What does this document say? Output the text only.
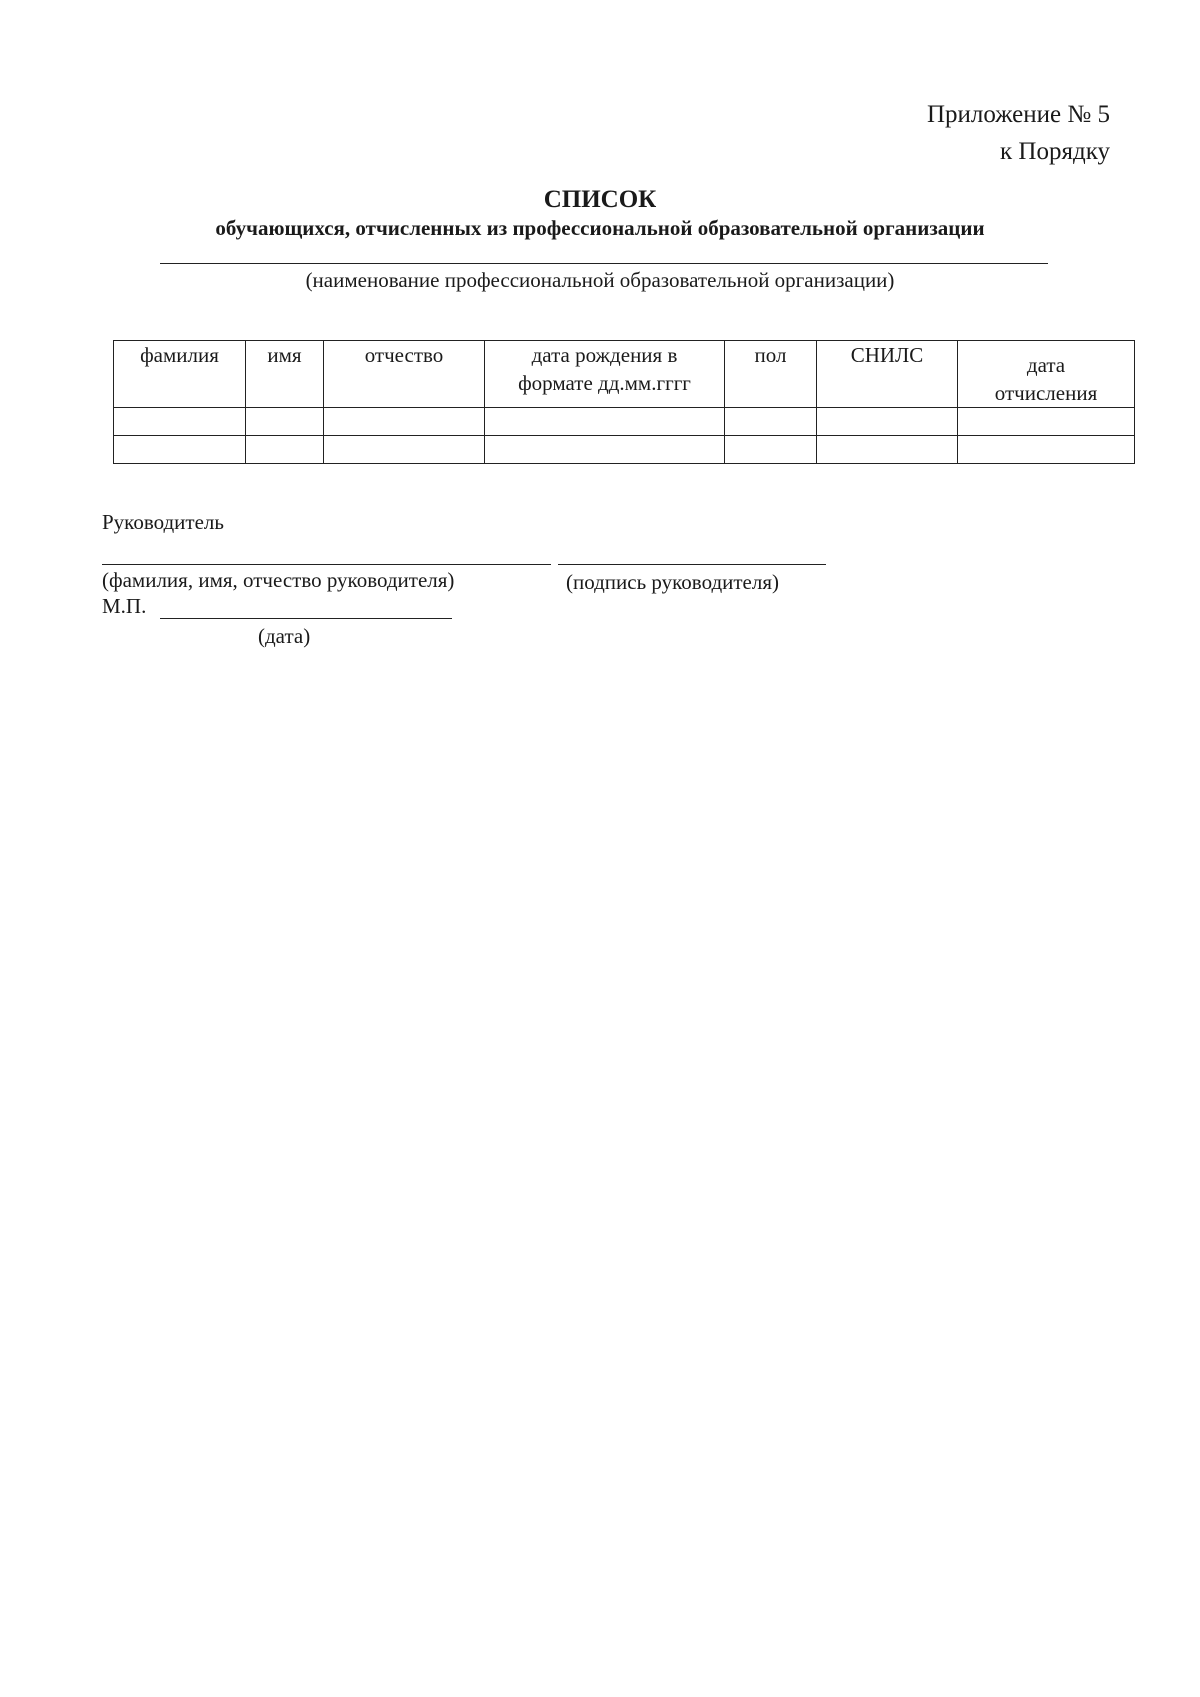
Приложение № 5
к Порядку
СПИСОК
обучающихся, отчисленных из профессиональной образовательной организации
(наименование профессиональной образовательной организации)
фамилия	имя	отчество	дата рождения в формате дд.мм.гггг	пол	СНИЛС	дата отчисления

Руководитель
(фамилия, имя, отчество руководителя)	(подпись руководителя)
М.П.
(дата)
